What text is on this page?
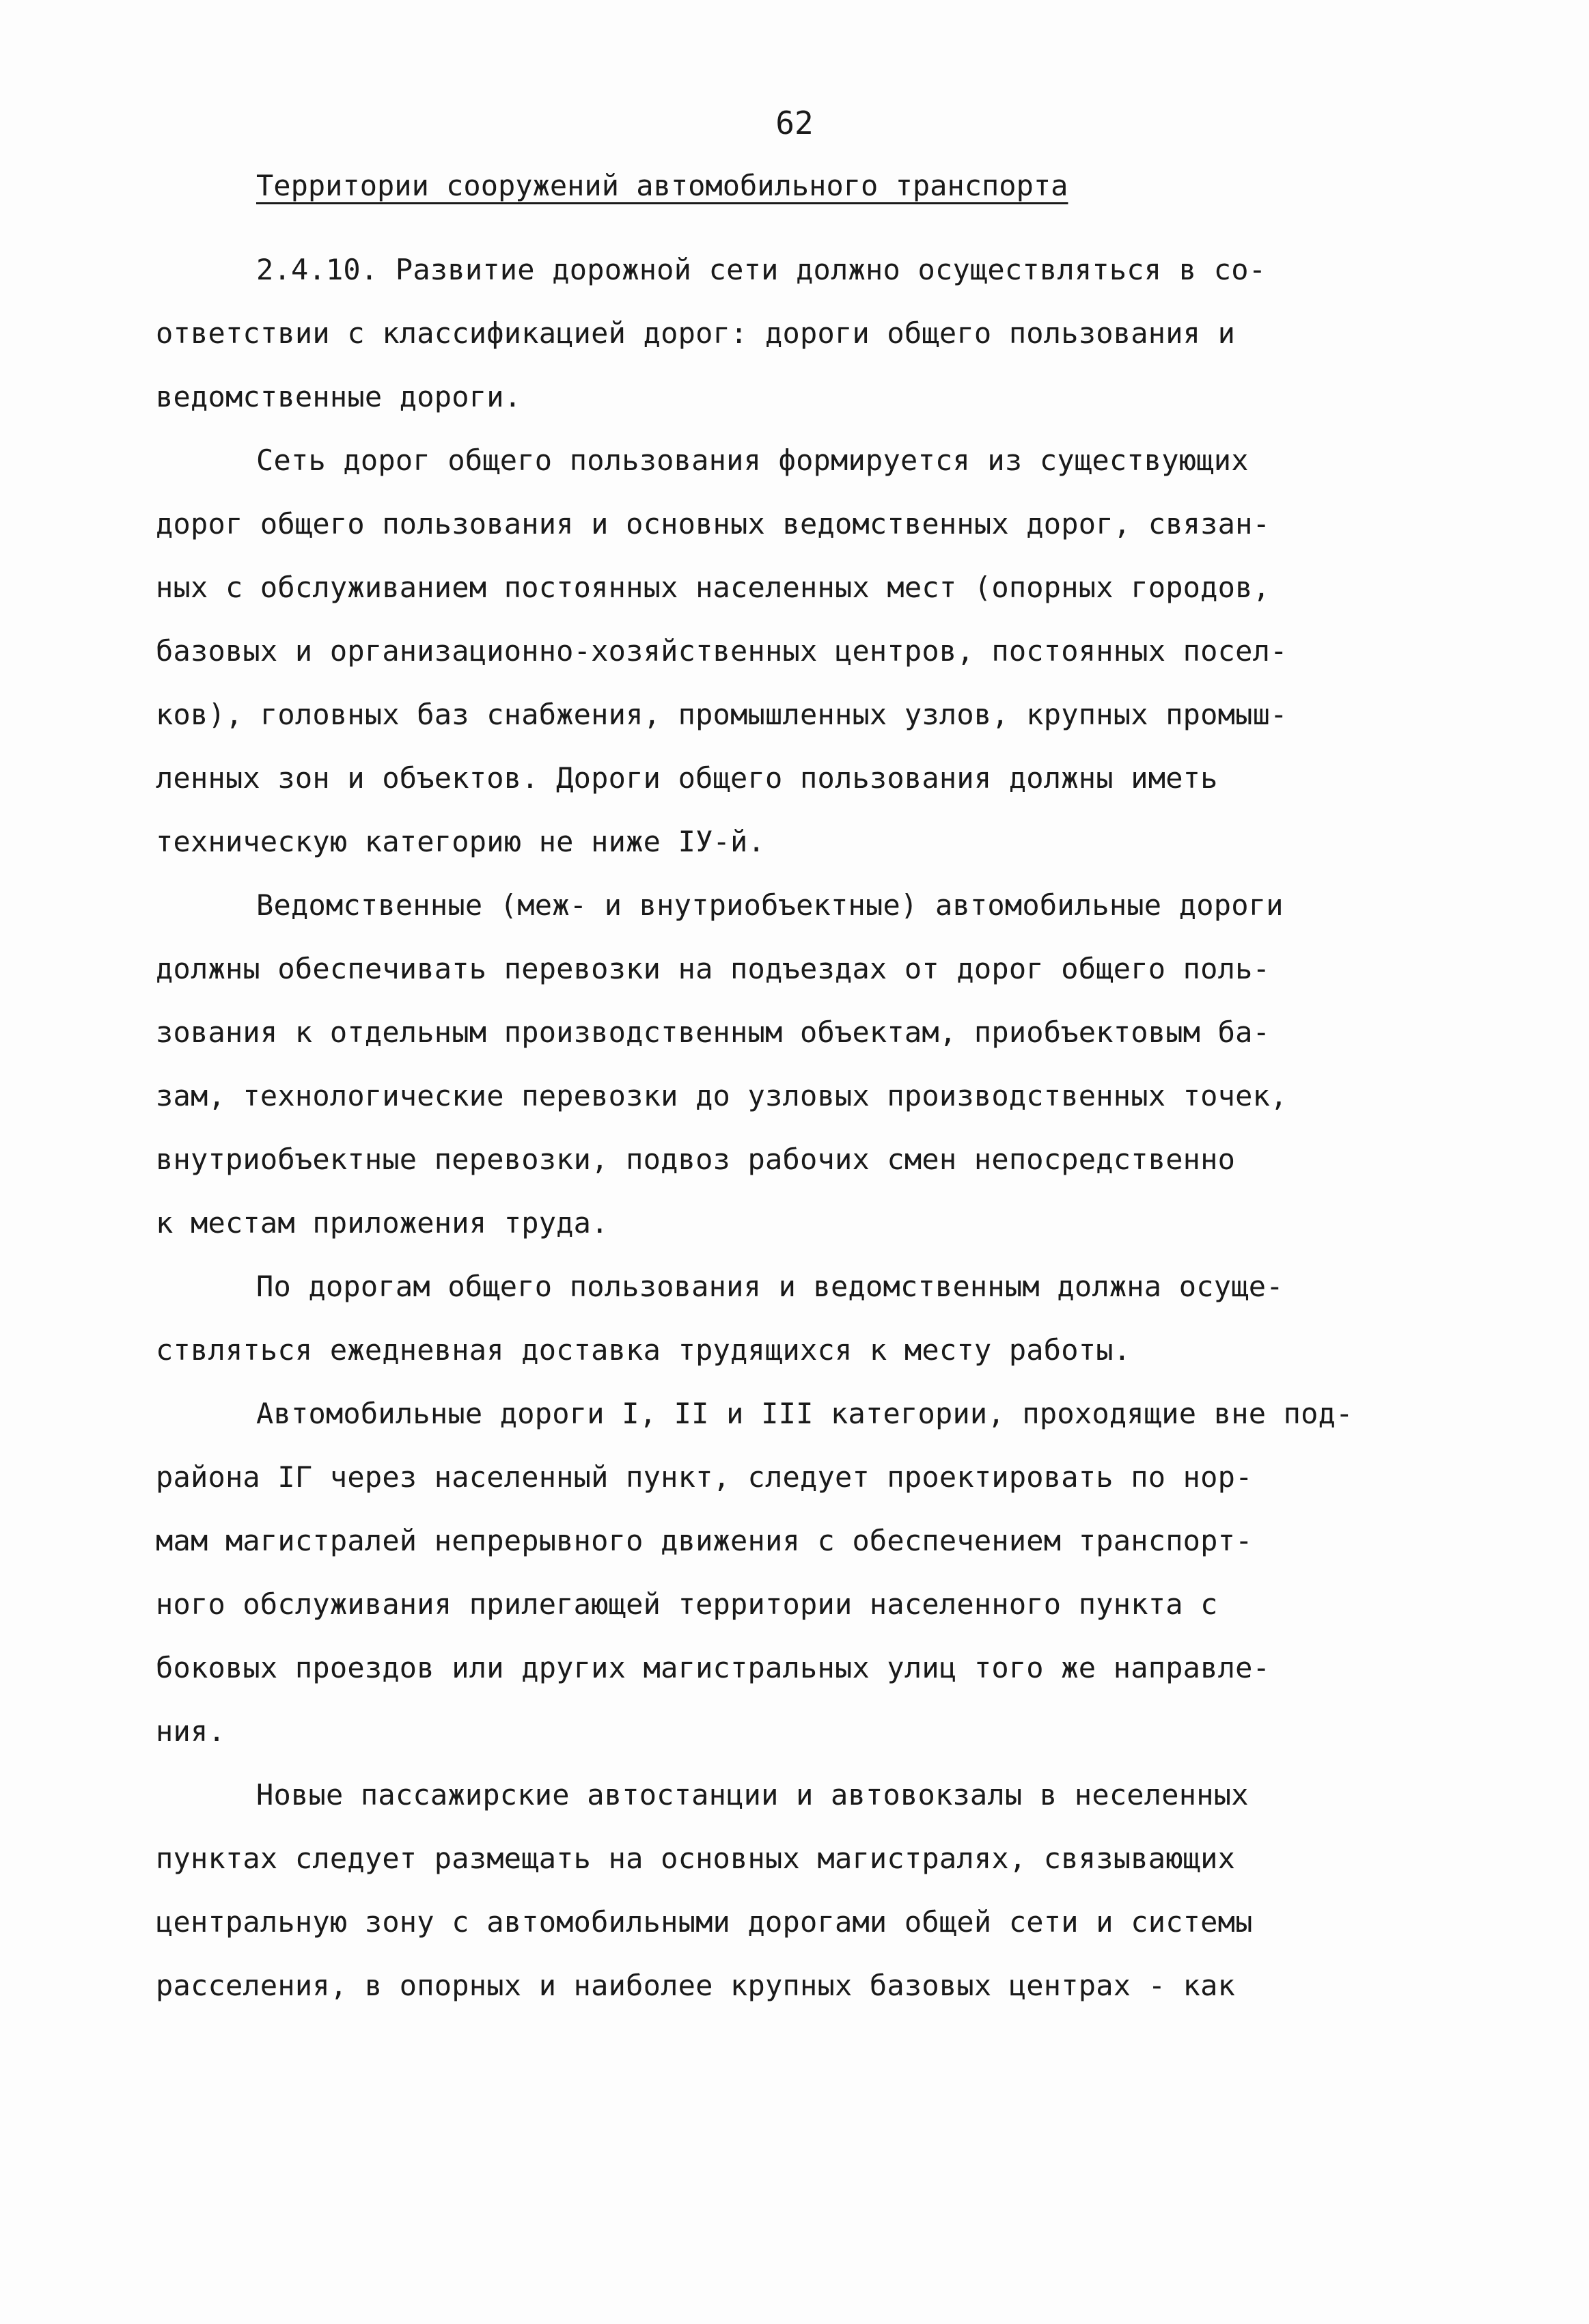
62
Территории сооружений автомобильного транспорта
2.4.10. Развитие дорожной сети должно осуществляться в со-
ответствии с классификацией дорог: дороги общего пользования и
ведомственные дороги.
Сеть дорог общего пользования формируется из существующих
дорог общего пользования и основных ведомственных дорог, связан-
ных с обслуживанием постоянных населенных мест (опорных городов,
базовых и организационно-хозяйственных центров, постоянных посел-
ков), головных баз снабжения, промышленных узлов, крупных промыш-
ленных зон и объектов. Дороги общего пользования должны иметь
техническую категорию не ниже IУ-й.
Ведомственные (меж- и внутриобъектные) автомобильные дороги
должны обеспечивать перевозки на подъездах от дорог общего поль-
зования к отдельным производственным объектам, приобъектовым ба-
зам, технологические перевозки до узловых производственных точек,
внутриобъектные перевозки, подвоз рабочих смен непосредственно
к местам приложения труда.
По дорогам общего пользования и ведомственным должна осуще-
ствляться ежедневная доставка трудящихся к месту работы.
Автомобильные дороги I, II и III категории, проходящие вне под-
района IГ через населенный пункт, следует проектировать по нор-
мам магистралей непрерывного движения с обеспечением транспорт-
ного обслуживания прилегающей территории населенного пункта с
боковых проездов или других магистральных улиц того же направле-
ния.
Новые пассажирские автостанции и автовокзалы в неселенных
пунктах следует размещать на основных магистралях, связывающих
центральную зону с автомобильными дорогами общей сети и системы
расселения, в опорных и наиболее крупных базовых центрах - как
